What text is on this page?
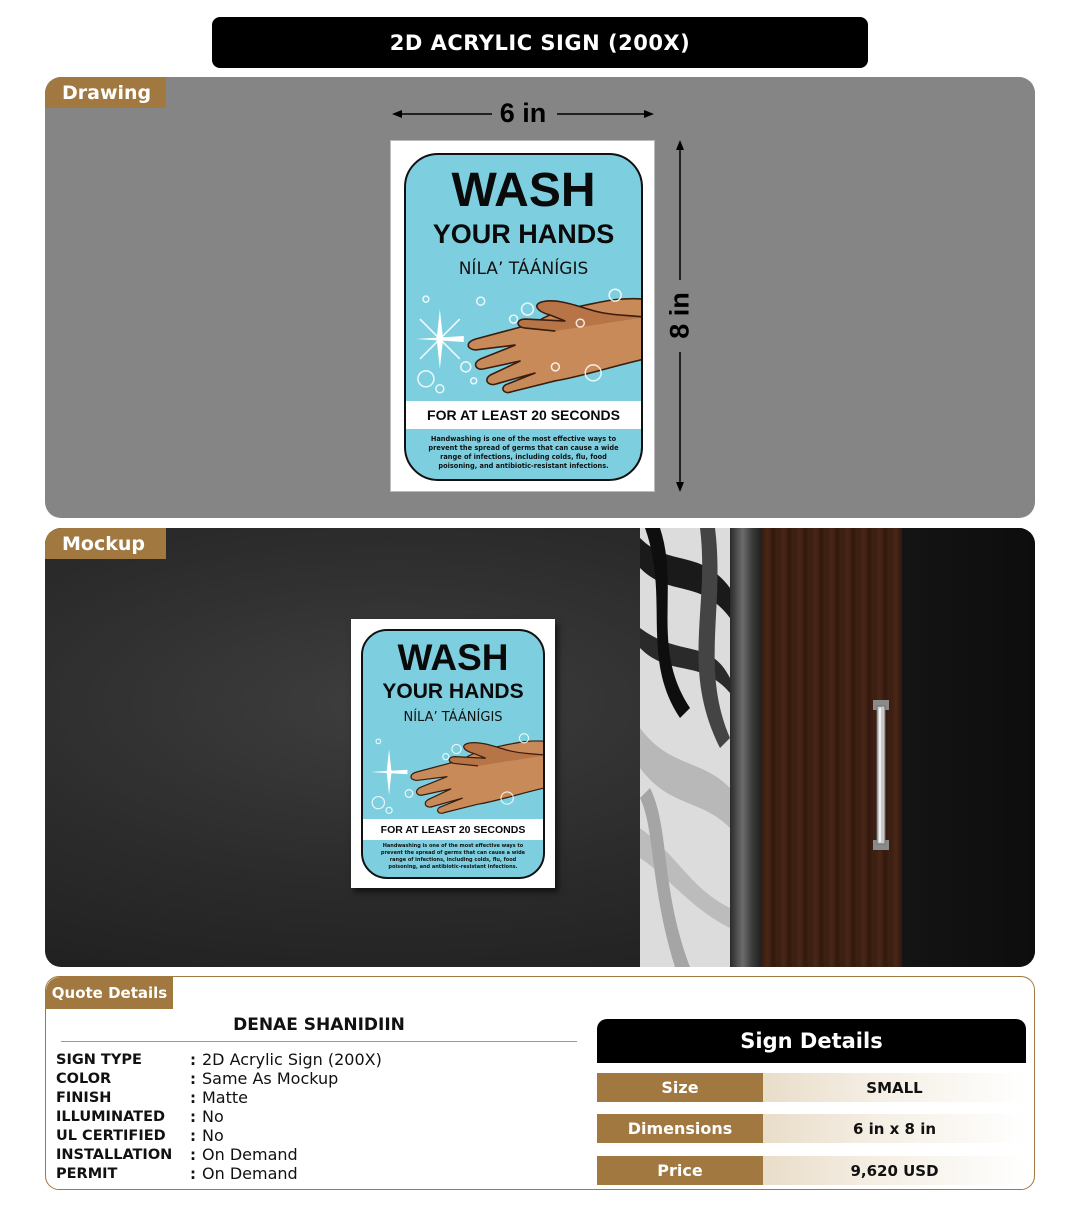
2D ACRYLIC SIGN (200X)
Drawing
6 in
8 in
WASH
YOUR HANDS
NÍLA’ TÁÁNÍGIS
FOR AT LEAST 20 SECONDS
Handwashing is one of the most effective ways to prevent the spread of germs that can cause a wide range of infections, including colds, flu, food poisoning, and antibiotic-resistant infections.
Mockup
WASH
YOUR HANDS
NÍLA’ TÁÁNÍGIS
FOR AT LEAST 20 SECONDS
Handwashing is one of the most effective ways to prevent the spread of germs that can cause a wide range of infections, including colds, flu, food poisoning, and antibiotic-resistant infections.
Quote Details
DENAE SHANIDIIN
SIGN TYPE	: 2D Acrylic Sign (200X)
COLOR	: Same As Mockup
FINISH	: Matte
ILLUMINATED	: No
UL CERTIFIED	: No
INSTALLATION	: On Demand
PERMIT	: On Demand
Sign Details
Size	SMALL
Dimensions	6 in x 8 in
Price	9,620 USD
